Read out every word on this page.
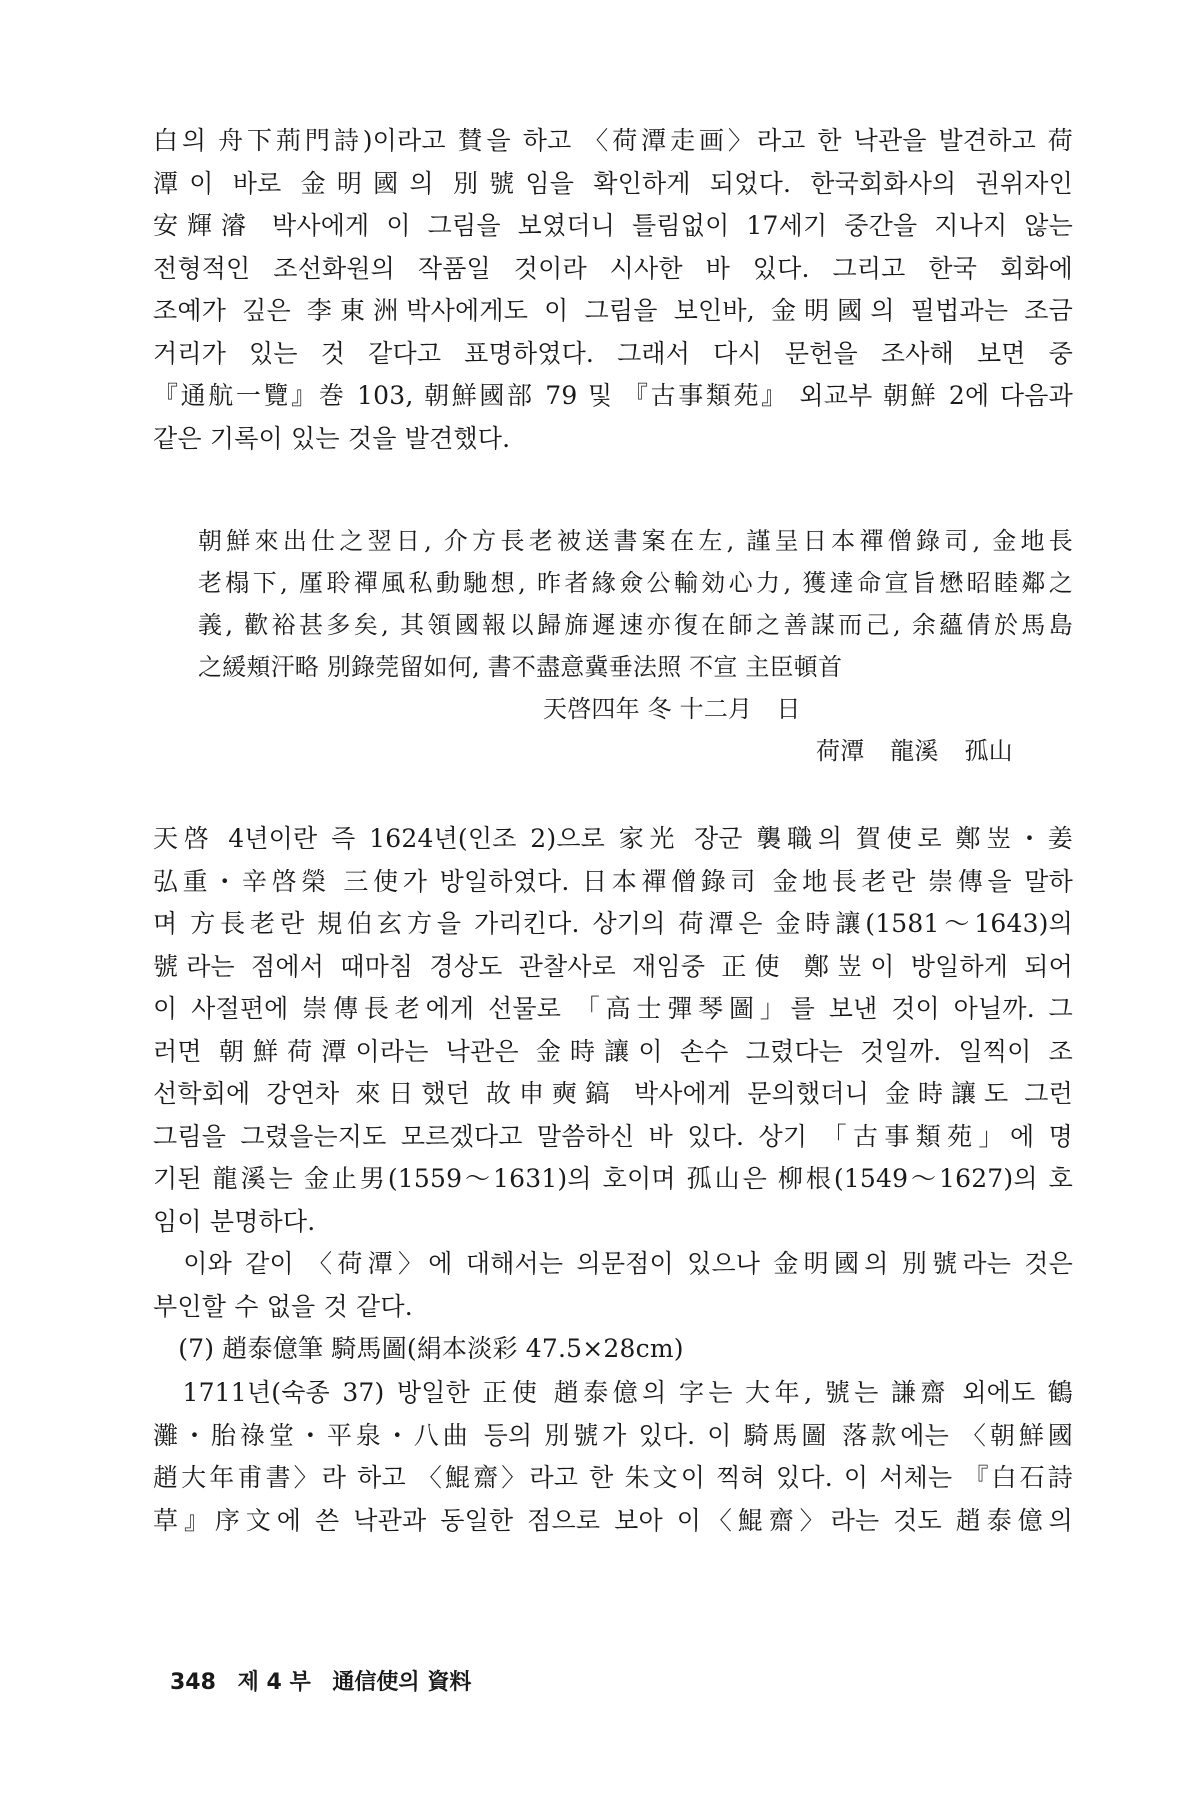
白의 舟下荊門詩)이라고 賛을 하고 〈荷潭走画〉라고 한 낙관을 발견하고 荷
潭이 바로 金明國의 別號임을 확인하게 되었다. 한국회화사의 권위자인
安輝濬 박사에게 이 그림을 보였더니 틀림없이 17세기 중간을 지나지 않는
전형적인 조선화원의 작품일 것이라 시사한 바 있다. 그리고 한국 회화에
조예가 깊은 李東洲박사에게도 이 그림을 보인바, 金明國의 필법과는 조금
거리가 있는 것 같다고 표명하였다. 그래서 다시 문헌을 조사해 보면 중
『通航一覽』巻 103, 朝鮮國部 79 및 『古事類苑』 외교부 朝鮮 2에 다음과
같은 기록이 있는 것을 발견했다.
朝鮮來出仕之翌日, 介方長老被送書案在左, 謹呈日本禪僧錄司, 金地長
老榻下, 厪聆禪風私動馳想, 昨者緣僉公輸効心力, 獲達命宣旨懋昭睦鄰之
義, 歡裕甚多矣, 其領國報以歸旆遲速亦復在師之善謀而己, 余蘊倩於馬島
之緩頬汗略 別錄莞留如何, 書不盡意冀垂法照 不宣 主臣頓首
天啓四年 冬 十二月　日
荷潭 龍溪 孤山
天啓 4년이란 즉 1624년(인조 2)으로 家光 장군 襲職의 賀使로 鄭岦・姜
弘重・辛啓榮 三使가 방일하였다. 日本禪僧錄司 金地長老란 崇傳을 말하
며 方長老란 規伯玄方을 가리킨다. 상기의 荷潭은 金時讓(1581～1643)의
號라는 점에서 때마침 경상도 관찰사로 재임중 正使 鄭岦이 방일하게 되어
이 사절편에 崇傳長老에게 선물로 「高士彈琴圖」를 보낸 것이 아닐까. 그
러면 朝鮮荷潭이라는 낙관은 金時讓이 손수 그렸다는 것일까. 일찍이 조
선학회에 강연차 來日했던 故申奭鎬 박사에게 문의했더니 金時讓도 그런
그림을 그렸을는지도 모르겠다고 말씀하신 바 있다. 상기 「古事類苑」에 명
기된 龍溪는 金止男(1559～1631)의 호이며 孤山은 柳根(1549～1627)의 호
임이 분명하다.
　이와 같이 〈荷潭〉에 대해서는 의문점이 있으나 金明國의 別號라는 것은
부인할 수 없을 것 같다.
　(7) 趙泰億筆 騎馬圖(絹本淡彩 47.5×28cm)
　1711년(숙종 37) 방일한 正使 趙泰億의 字는 大年, 號는 謙齋 외에도 鶴
灘・胎祿堂・平泉・八曲 등의 別號가 있다. 이 騎馬圖 落款에는 〈朝鮮國
趙大年甫書〉라 하고 〈鯤齋〉라고 한 朱文이 찍혀 있다. 이 서체는 『白石詩
草』序文에 쓴 낙관과 동일한 점으로 보아 이〈鯤齋〉라는 것도 趙泰億의
348 제 4 부 通信使의 資料
